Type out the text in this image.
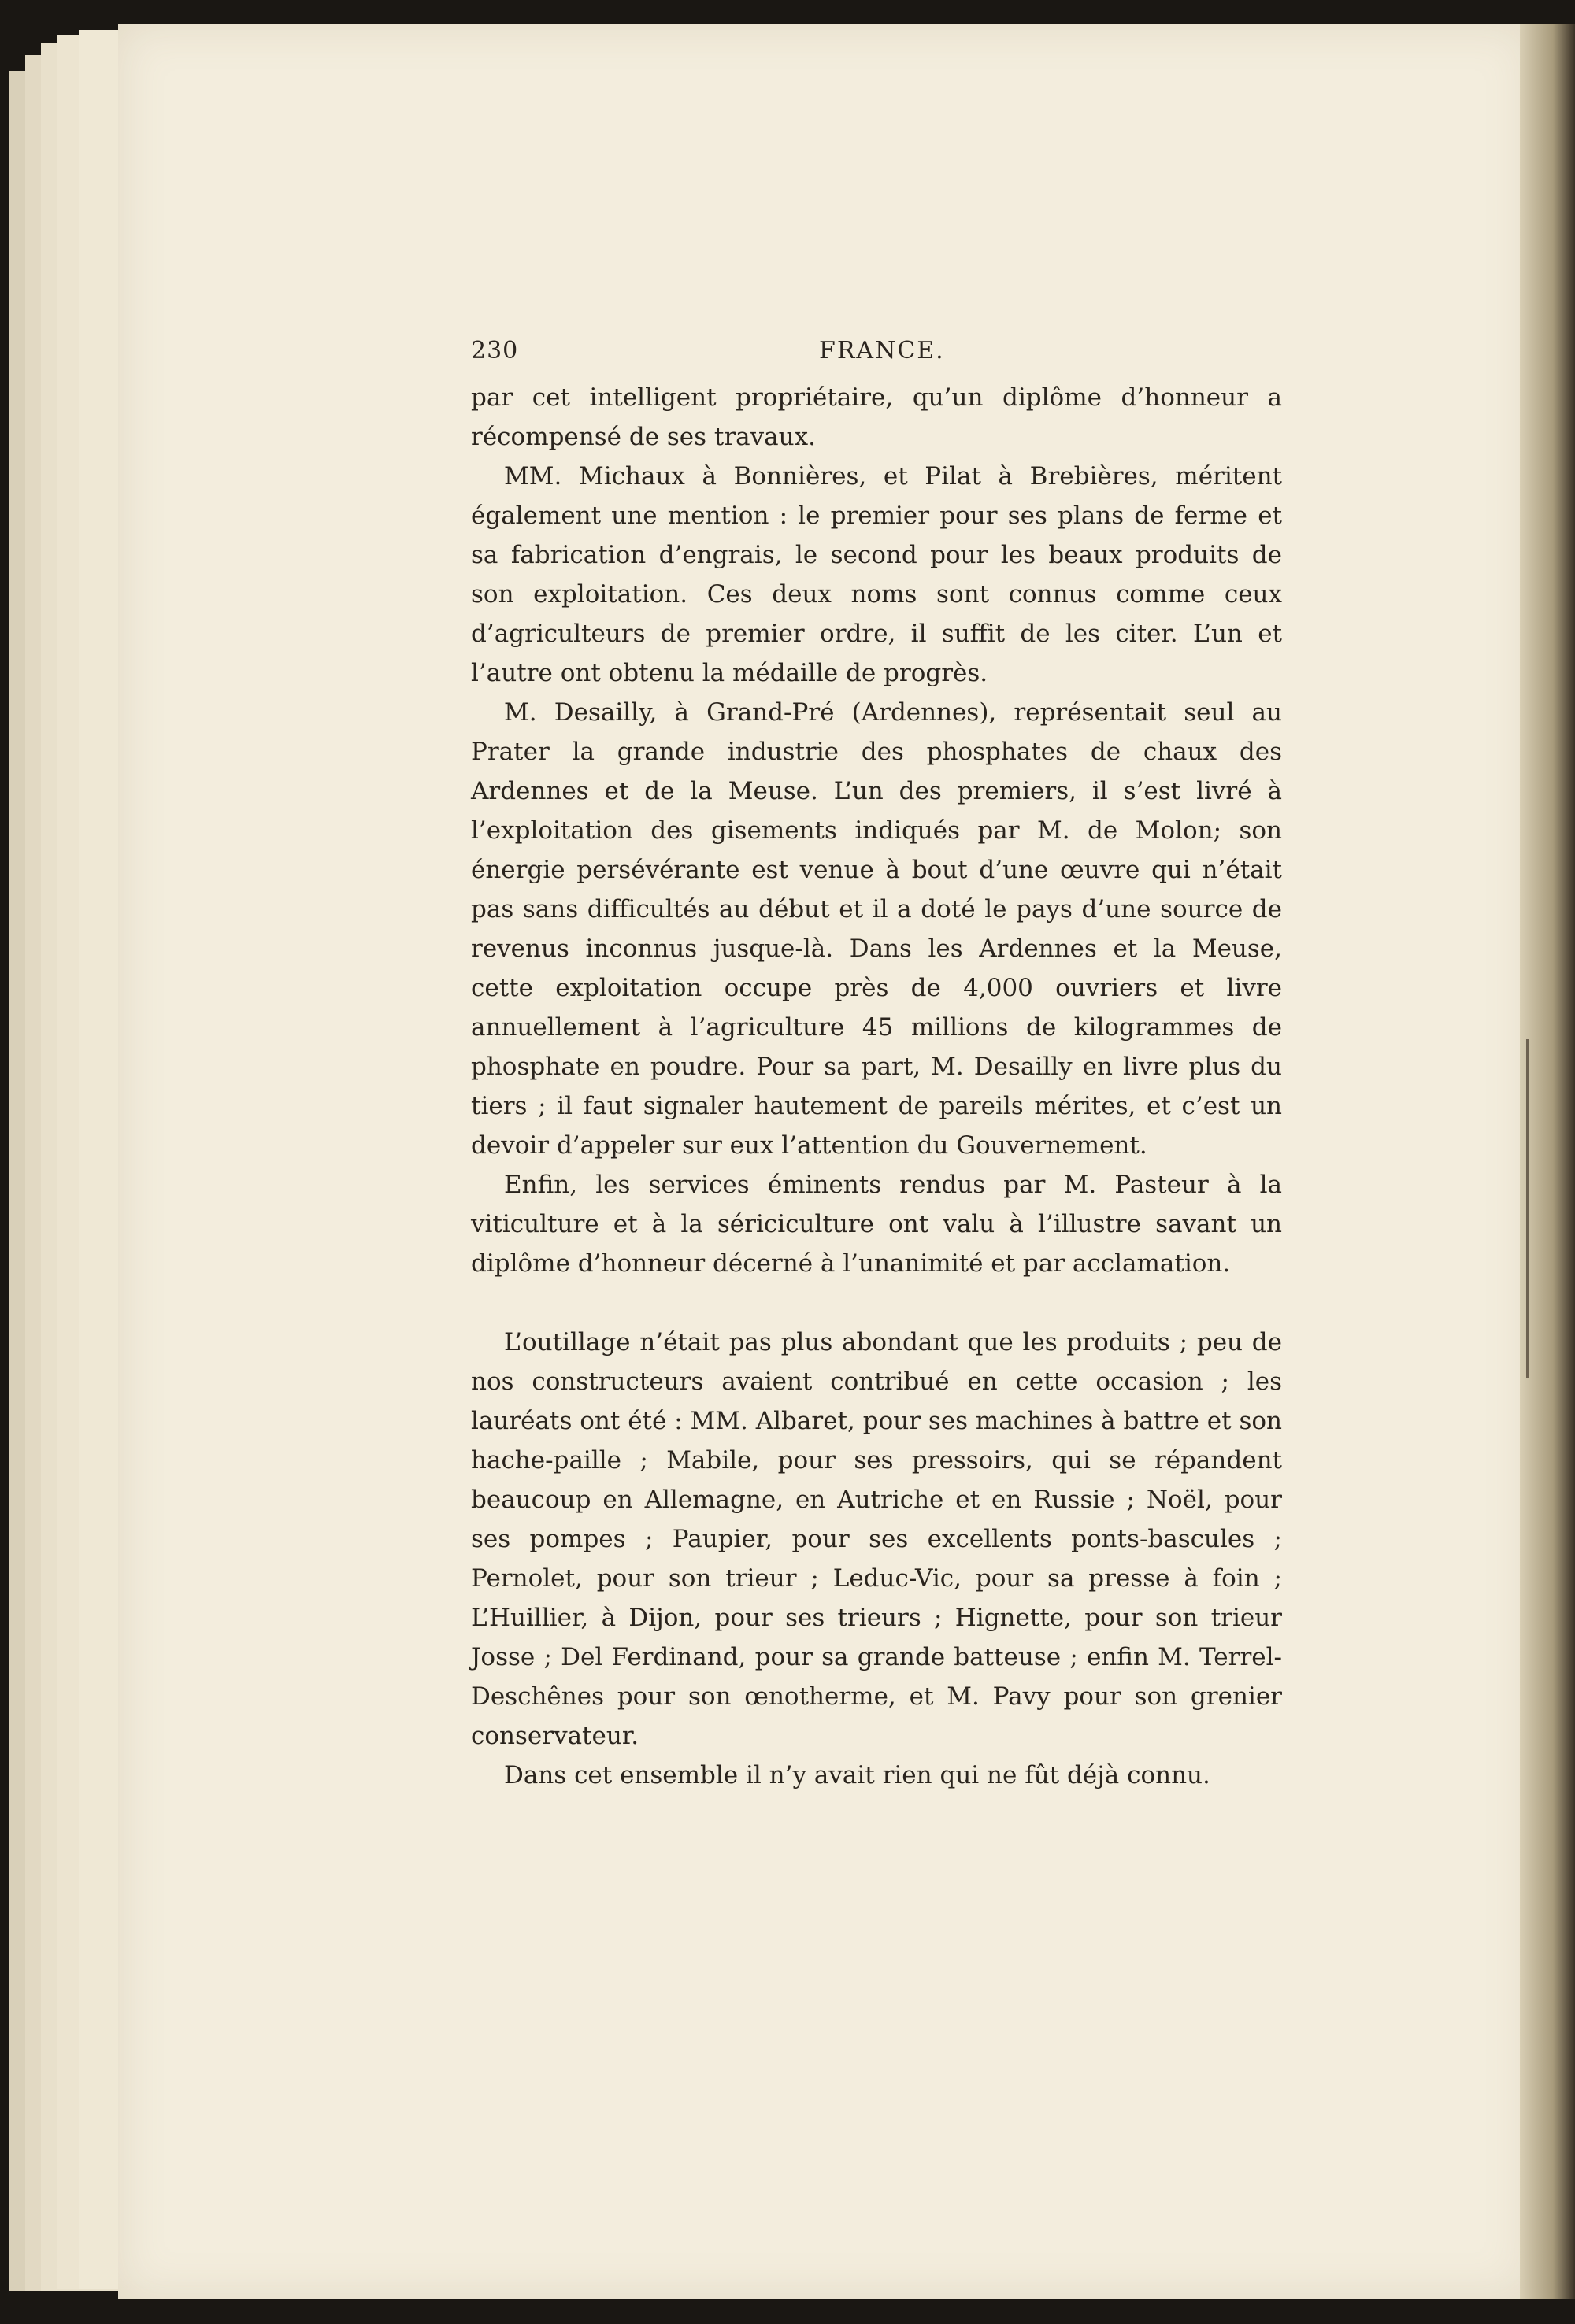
230	FRANCE.

par cet intelligent propriétaire, qu’un diplôme d’honneur a récompensé de ses travaux.

MM. Michaux à Bonnières, et Pilat à Brebières, méritent également une mention : le premier pour ses plans de ferme et sa fabrication d’engrais, le second pour les beaux produits de son exploitation. Ces deux noms sont connus comme ceux d’agriculteurs de premier ordre, il suffit de les citer. L’un et l’autre ont obtenu la médaille de progrès.

M. Desailly, à Grand-Pré (Ardennes), représentait seul au Prater la grande industrie des phosphates de chaux des Ardennes et de la Meuse. L’un des premiers, il s’est livré à l’exploitation des gisements indiqués par M. de Molon; son énergie persévérante est venue à bout d’une œuvre qui n’était pas sans difficultés au début et il a doté le pays d’une source de revenus inconnus jusque-là. Dans les Ardennes et la Meuse, cette exploitation occupe près de 4,000 ouvriers et livre annuellement à l’agriculture 45 millions de kilogrammes de phosphate en poudre. Pour sa part, M. Desailly en livre plus du tiers ; il faut signaler hautement de pareils mérites, et c’est un devoir d’appeler sur eux l’attention du Gouvernement.

Enfin, les services éminents rendus par M. Pasteur à la viticulture et à la sériciculture ont valu à l’illustre savant un diplôme d’honneur décerné à l’unanimité et par acclamation.

L’outillage n’était pas plus abondant que les produits ; peu de nos constructeurs avaient contribué en cette occasion ; les lauréats ont été : MM. Albaret, pour ses machines à battre et son hache-paille ; Mabile, pour ses pressoirs, qui se répandent beaucoup en Allemagne, en Autriche et en Russie ; Noël, pour ses pompes ; Paupier, pour ses excellents ponts-bascules ; Pernolet, pour son trieur ; Leduc-Vic, pour sa presse à foin ; L’Huillier, à Dijon, pour ses trieurs ; Hignette, pour son trieur Josse ; Del Ferdinand, pour sa grande batteuse ; enfin M. Terrel-Deschênes pour son œnotherme, et M. Pavy pour son grenier conservateur.

Dans cet ensemble il n’y avait rien qui ne fût déjà connu.
